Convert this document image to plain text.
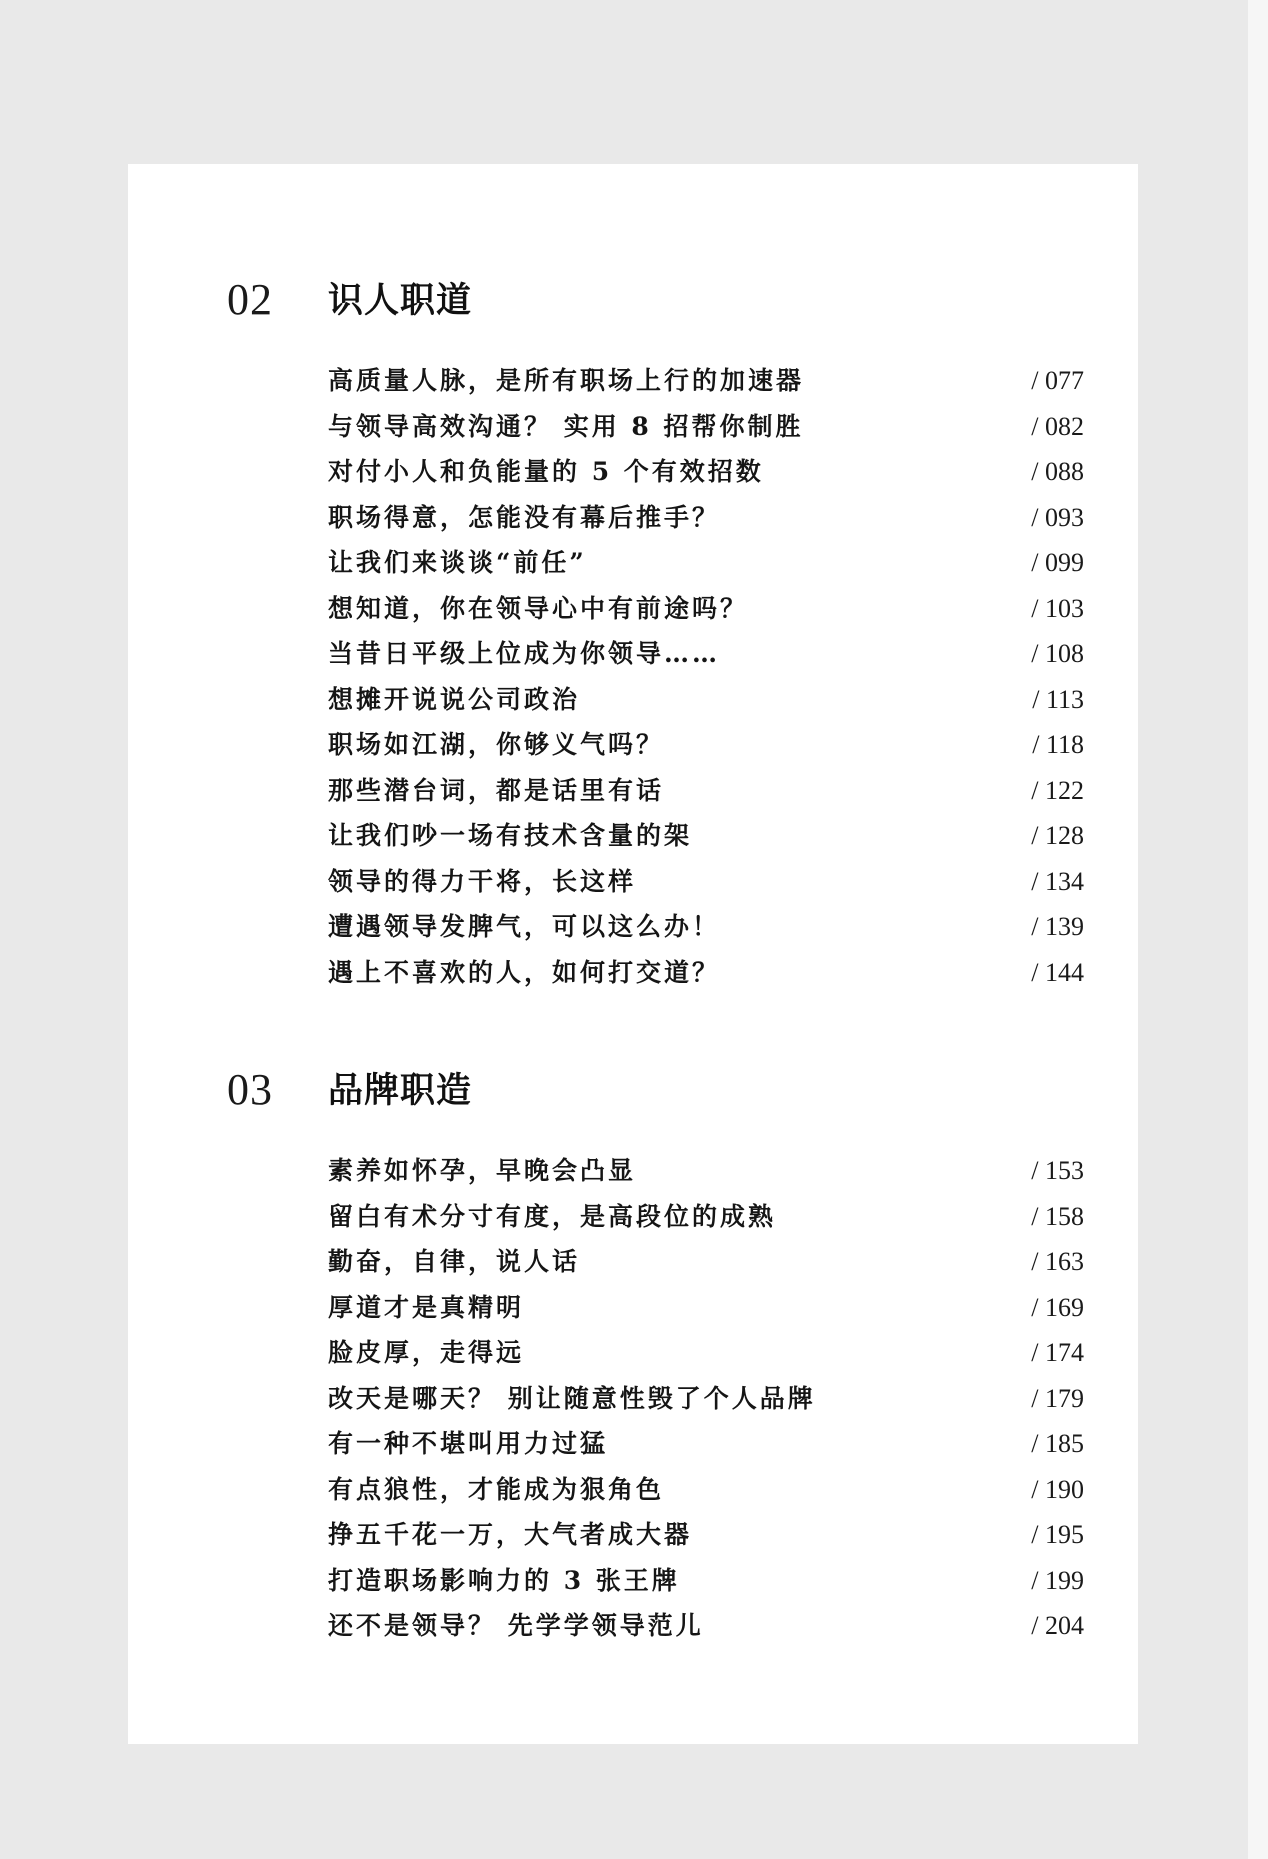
02 识人职道
高质量人脉，是所有职场上行的加速器	/ 077
与领导高效沟通？ 实用 8 招帮你制胜	/ 082
对付小人和负能量的 5 个有效招数	/ 088
职场得意，怎能没有幕后推手？	/ 093
让我们来谈谈“前任”	/ 099
想知道，你在领导心中有前途吗？	/ 103
当昔日平级上位成为你领导……	/ 108
想摊开说说公司政治	/ 113
职场如江湖，你够义气吗？	/ 118
那些潜台词，都是话里有话	/ 122
让我们吵一场有技术含量的架	/ 128
领导的得力干将，长这样	/ 134
遭遇领导发脾气，可以这么办！	/ 139
遇上不喜欢的人，如何打交道？	/ 144
03 品牌职造
素养如怀孕，早晚会凸显	/ 153
留白有术分寸有度，是高段位的成熟	/ 158
勤奋，自律，说人话	/ 163
厚道才是真精明	/ 169
脸皮厚，走得远	/ 174
改天是哪天？ 别让随意性毁了个人品牌	/ 179
有一种不堪叫用力过猛	/ 185
有点狼性，才能成为狠角色	/ 190
挣五千花一万，大气者成大器	/ 195
打造职场影响力的 3 张王牌	/ 199
还不是领导？ 先学学领导范儿	/ 204
